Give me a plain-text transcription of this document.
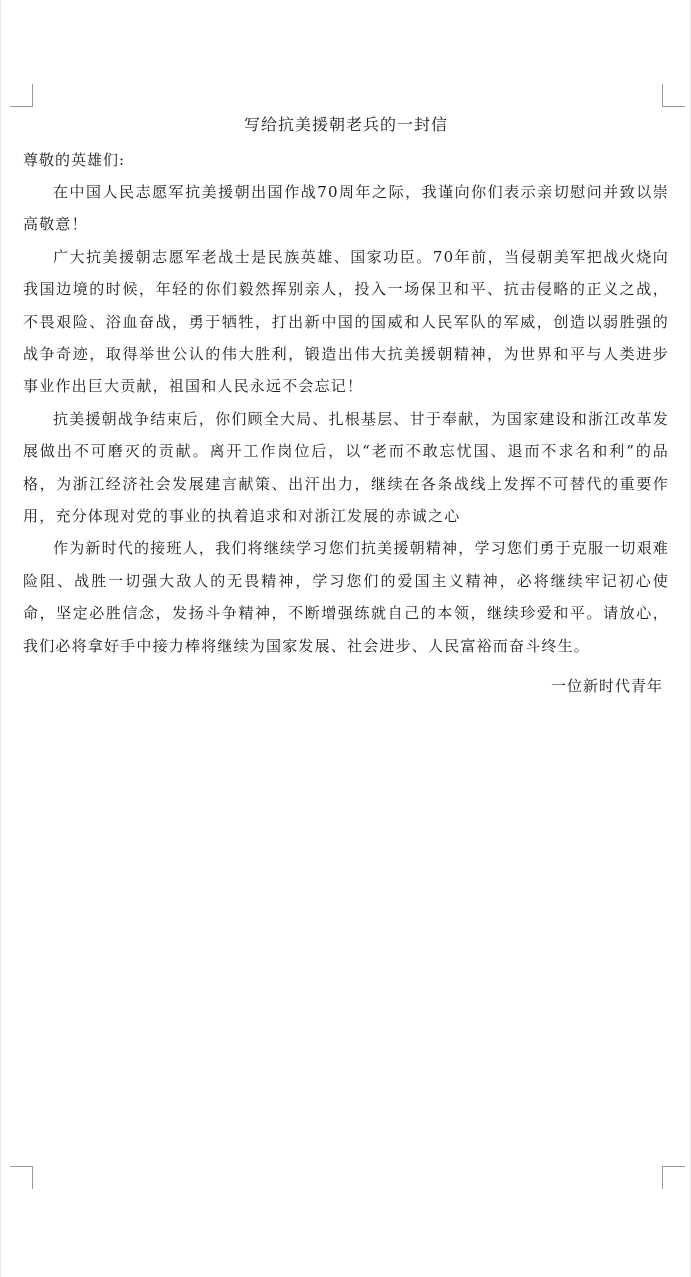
写给抗美援朝老兵的一封信

尊敬的英雄们:

在中国人民志愿军抗美援朝出国作战70周年之际，我谨向你们表示亲切慰问并致以崇高敬意！

广大抗美援朝志愿军老战士是民族英雄、国家功臣。70年前，当侵朝美军把战火烧向我国边境的时候，年轻的你们毅然挥别亲人，投入一场保卫和平、抗击侵略的正义之战，不畏艰险、浴血奋战，勇于牺牲，打出新中国的国威和人民军队的军威，创造以弱胜强的战争奇迹，取得举世公认的伟大胜利，锻造出伟大抗美援朝精神，为世界和平与人类进步事业作出巨大贡献，祖国和人民永远不会忘记！

抗美援朝战争结束后，你们顾全大局、扎根基层、甘于奉献，为国家建设和浙江改革发展做出不可磨灭的贡献。离开工作岗位后，以“老而不敢忘忧国、退而不求名和利”的品格，为浙江经济社会发展建言献策、出汗出力，继续在各条战线上发挥不可替代的重要作用，充分体现对党的事业的执着追求和对浙江发展的赤诚之心

作为新时代的接班人，我们将继续学习您们抗美援朝精神，学习您们勇于克服一切艰难险阻、战胜一切强大敌人的无畏精神，学习您们的爱国主义精神，必将继续牢记初心使命，坚定必胜信念，发扬斗争精神，不断增强练就自己的本领，继续珍爱和平。请放心，我们必将拿好手中接力棒将继续为国家发展、社会进步、人民富裕而奋斗终生。

一位新时代青年
